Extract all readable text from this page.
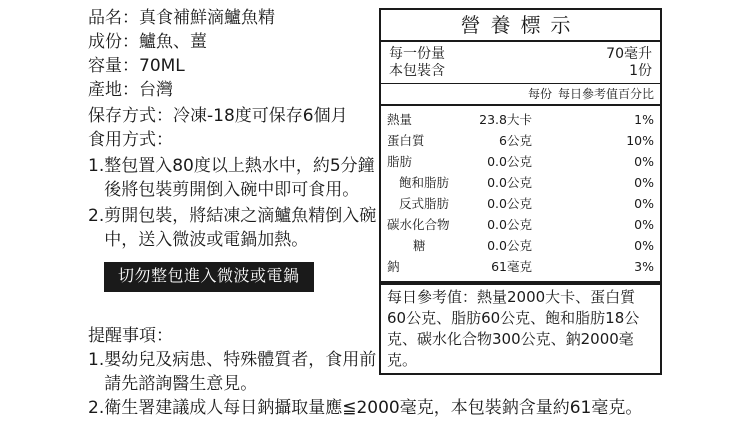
品名：真食補鮮滴鱸魚精
成份：鱸魚、薑
容量：70ML
產地：台灣
保存方式：冷凍-18度可保存6個月
食用方式：
1. 整包置入80度以上熱水中，約5分鐘後將包裝剪開倒入碗中即可食用。
2. 剪開包裝，將結凍之滴鱸魚精倒入碗中，送入微波或電鍋加熱。
切勿整包進入微波或電鍋
提醒事項：
1. 嬰幼兒及病患、特殊體質者，食用前請先諮詢醫生意見。
2. 衛生署建議成人每日鈉攝取量應≦2000毫克，本包裝鈉含量約61毫克。
營養標示
每一份量	70毫升
本包裝含	1份
每份 每日參考值百分比
熱量	23.8大卡	1%
蛋白質	6公克	10%
脂肪	0.0公克	0%
飽和脂肪	0.0公克	0%
反式脂肪	0.0公克	0%
碳水化合物	0.0公克	0%
糖	0.0公克	0%
鈉	61毫克	3%
每日參考值：熱量2000大卡、蛋白質60公克、脂肪60公克、飽和脂肪18公克、碳水化合物300公克、鈉2000毫克。
